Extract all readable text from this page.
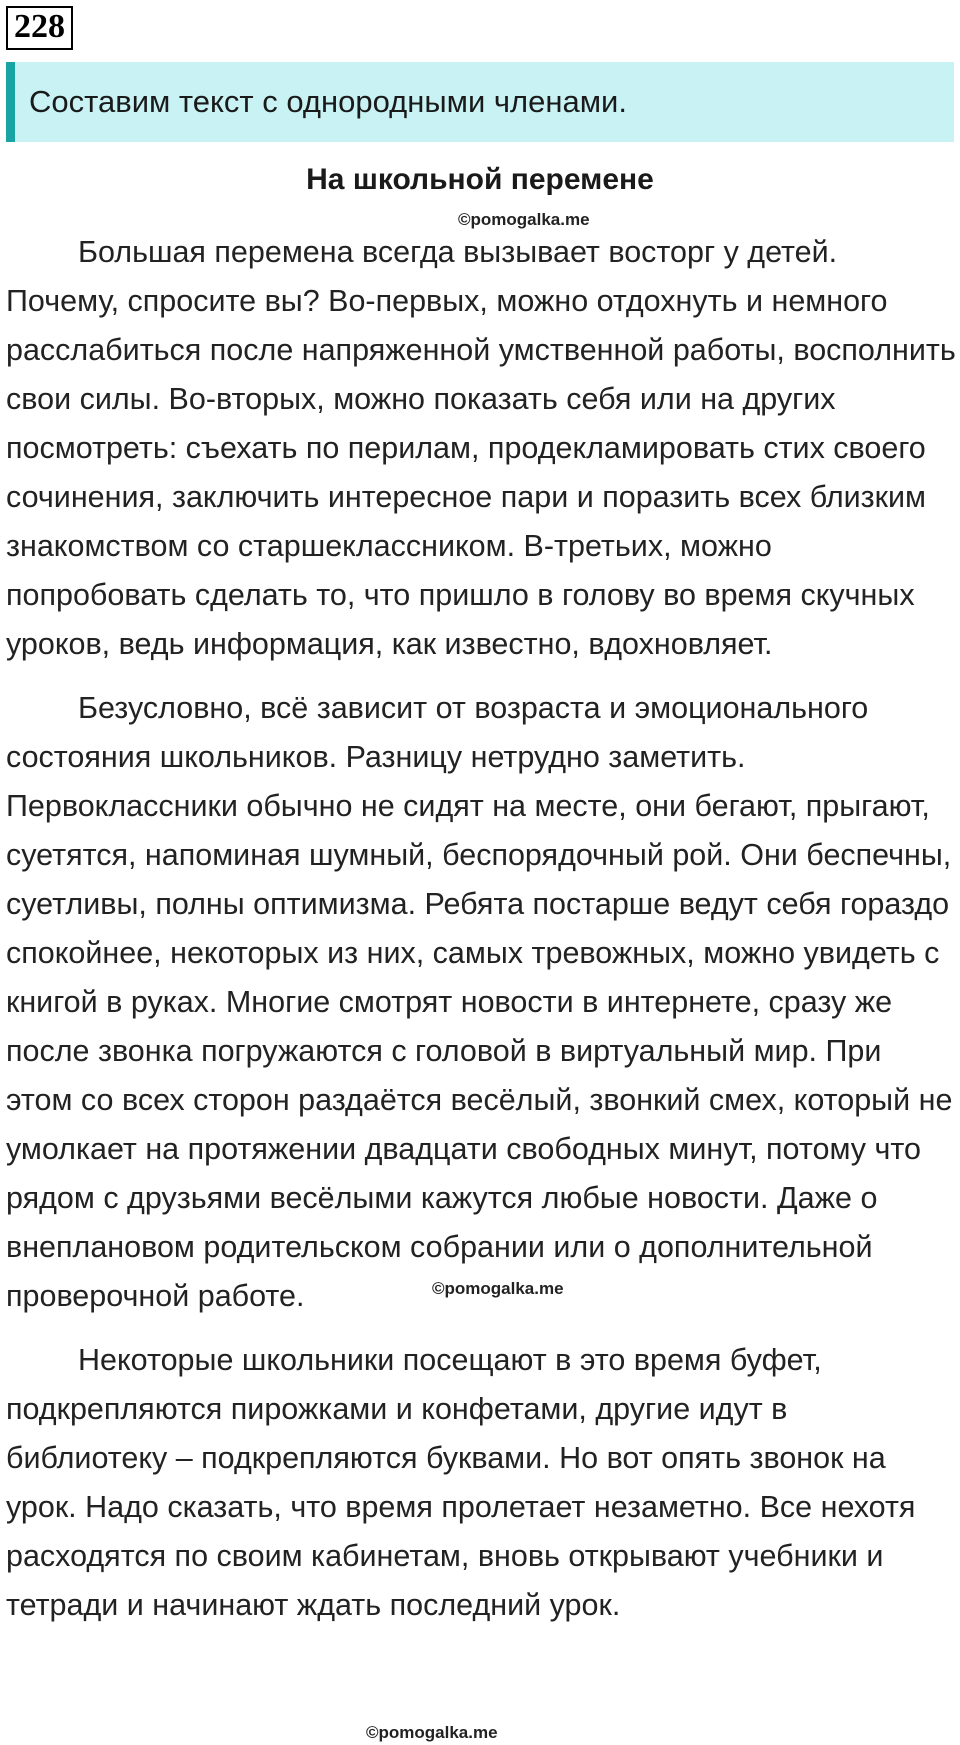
228
Составим текст с однородными членами.
На школьной перемене
©pomogalka.me

Большая перемена всегда вызывает восторг у детей. Почему, спросите вы? Во-первых, можно отдохнуть и немного расслабиться после напряженной умственной работы, восполнить свои силы. Во-вторых, можно показать себя или на других посмотреть: съехать по перилам, продекламировать стих своего сочинения, заключить интересное пари и поразить всех близким знакомством со старшеклассником. В-третьих, можно попробовать сделать то, что пришло в голову во время скучных уроков, ведь информация, как известно, вдохновляет.

Безусловно, всё зависит от возраста и эмоционального состояния школьников. Разницу нетрудно заметить. Первоклассники обычно не сидят на месте, они бегают, прыгают, суетятся, напоминая шумный, беспорядочный рой. Они беспечны, суетливы, полны оптимизма. Ребята постарше ведут себя гораздо спокойнее, некоторых из них, самых тревожных, можно увидеть с книгой в руках. Многие смотрят новости в интернете, сразу же после звонка погружаются с головой в виртуальный мир. При этом со всех сторон раздаётся весёлый, звонкий смех, который не умолкает на протяжении двадцати свободных минут, потому что рядом с друзьями весёлыми кажутся любые новости. Даже о внеплановом родительском собрании или о дополнительной проверочной работе.

Некоторые школьники посещают в это время буфет, подкрепляются пирожками и конфетами, другие идут в библиотеку – подкрепляются буквами. Но вот опять звонок на урок. Надо сказать, что время пролетает незаметно. Все нехотя расходятся по своим кабинетам, вновь открывают учебники и тетради и начинают ждать последний урок.

©pomogalka.me
©pomogalka.me
